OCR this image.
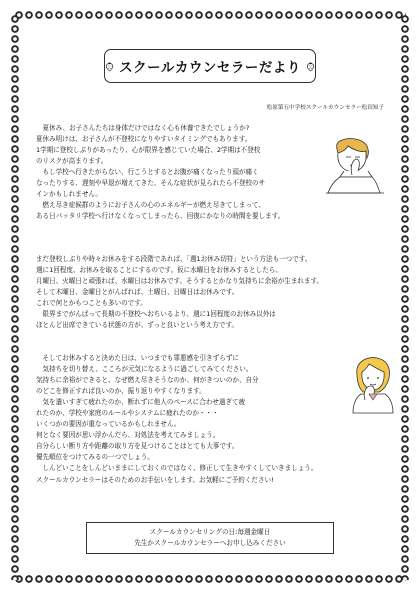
スクールカウンセラーだより
松原第五中学校スクールカウンセラー松田知子

夏休み、お子さんたちは身体だけではなく心も休養できたでしょうか?

夏休み明けは、お子さんが不登校になりやすいタイミングでもあります。

1学期に登校しぶりがあったり、心が限界を感じていた場合、2学期は不登校

のリスクが高まります。

もし学校へ行きたがらない、行こうとするとお腹が痛くなったり頭が痛く

なったりする、遅刻や早退が増えてきた、そんな症状が見られたら不登校のサ

インかもしれません。

燃え尽き症候群のようにお子さんの心のエネルギーが燃え尽きてしまって、

ある日パッタリ学校へ行けなくなってしまったら、回復にかなりの時間を要します。

まだ登校しぶりや時々お休みをする段階であれば、「週1お休み切符」という方法も一つです。

週に1回程度、お休みを取ることにするのです。仮に水曜日をお休みするとしたら、

月曜日、火曜日と頑張れば、水曜日はお休みです。そうするとかなり気持ちに余裕が生まれます。

そして木曜日、金曜日とがんばれば、土曜日、日曜日はお休みです。

これで何とかもつことも多いのです。

限界までがんばって長期の不登校へおちいるより、週に1回程度のお休み以外は

ほとんど出席できている状態の方が、ずっと良いという考え方です。

そしてお休みすると決めた日は、いつまでも罪悪感を引きずらずに

気持ちを切り替え、こころが元気になるように過ごしてみてください。

気持ちに余裕ができると、なぜ燃え尽きそうなのか、何がきついのか、自分

のどこを修正すれば良いのか、振り返りやすくなります。

気を遣いすぎて疲れたのか、断れずに他人のペースに合わせ過ぎて疲

れたのか、学校や家庭のルールやシステムに疲れたのか・・・

いくつかの要因が重なっているかもしれません。

何となく要因が思い浮かんだら、対処法を考えてみましょう。

自分らしい断り方や距離の取り方を見つけることはとても大事です。

優先順位をつけてみるの一つでしょう。

しんどいことをしんどいままにしておくのではなく、修正して生きやすくしていきましょう。

スクールカウンセラーはそのためのお手伝いをします。お気軽にご予約ください!

スクールカウンセリングの日:毎週金曜日
先生かスクールカウンセラーへお申し込みください
